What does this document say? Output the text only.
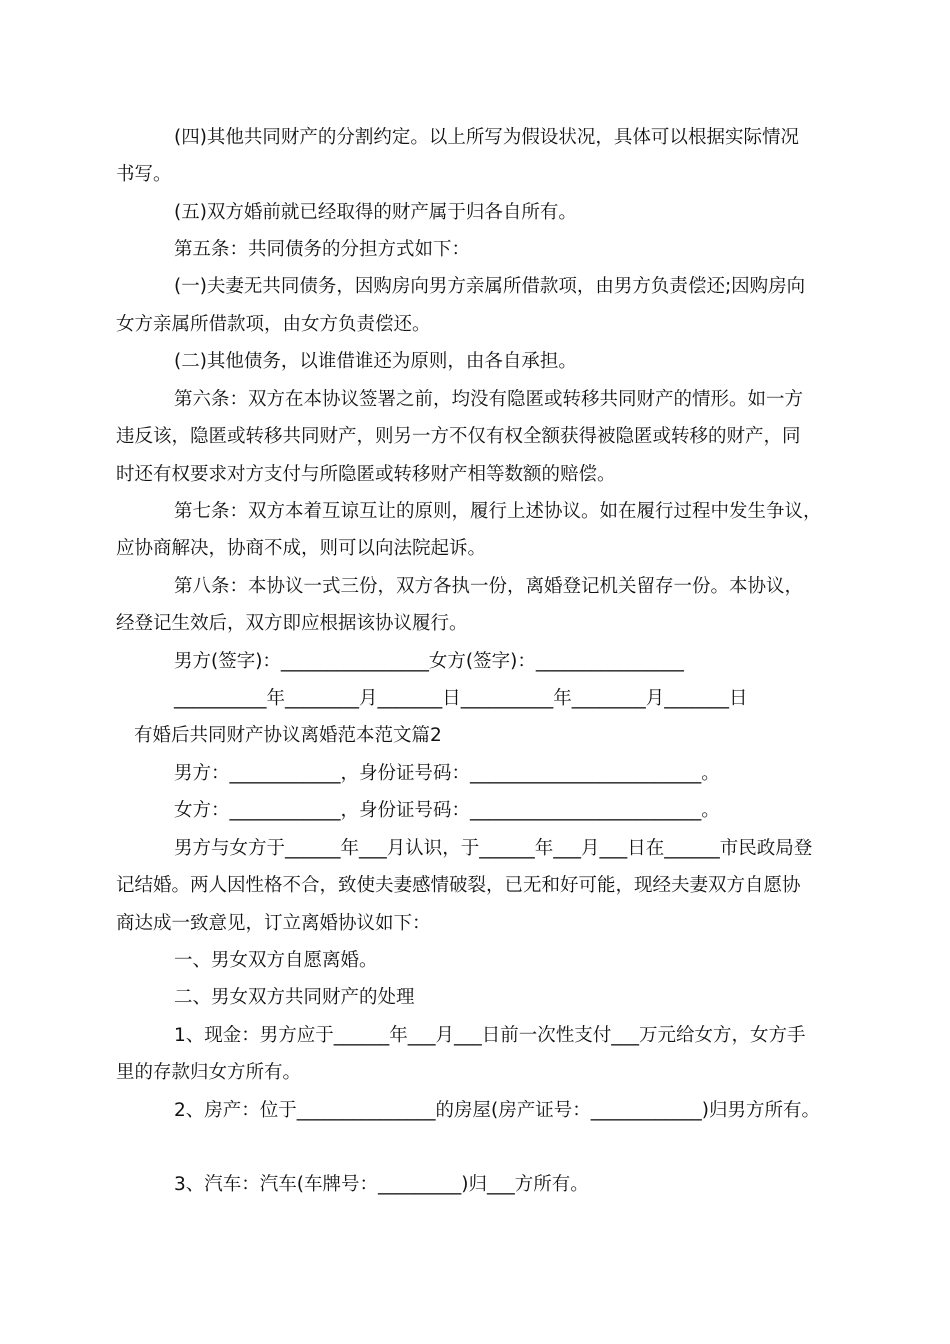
(四)其他共同财产的分割约定。以上所写为假设状况，具体可以根据实际情况

书写。

(五)双方婚前就已经取得的财产属于归各自所有。

第五条：共同债务的分担方式如下：

(一)夫妻无共同债务，因购房向男方亲属所借款项，由男方负责偿还;因购房向

女方亲属所借款项，由女方负责偿还。

(二)其他债务，以谁借谁还为原则，由各自承担。

第六条：双方在本协议签署之前，均没有隐匿或转移共同财产的情形。如一方

违反该，隐匿或转移共同财产，则另一方不仅有权全额获得被隐匿或转移的财产，同

时还有权要求对方支付与所隐匿或转移财产相等数额的赔偿。

第七条：双方本着互谅互让的原则，履行上述协议。如在履行过程中发生争议，

应协商解决，协商不成，则可以向法院起诉。

第八条：本协议一式三份，双方各执一份，离婚登记机关留存一份。本协议，

经登记生效后，双方即应根据该协议履行。

男方(签字)：________________女方(签字)：________________

__________年________月_______日__________年________月_______日

有婚后共同财产协议离婚范本范文篇2

男方：____________，身份证号码：_________________________。

女方：____________，身份证号码：_________________________。

男方与女方于______年___月认识，于______年___月___日在______市民政局登

记结婚。两人因性格不合，致使夫妻感情破裂，已无和好可能，现经夫妻双方自愿协

商达成一致意见，订立离婚协议如下：

一、男女双方自愿离婚。

二、男女双方共同财产的处理

1、现金：男方应于______年___月___日前一次性支付___万元给女方，女方手

里的存款归女方所有。

2、房产：位于_______________的房屋(房产证号：____________)归男方所有。

3、汽车：汽车(车牌号：_________)归___方所有。
